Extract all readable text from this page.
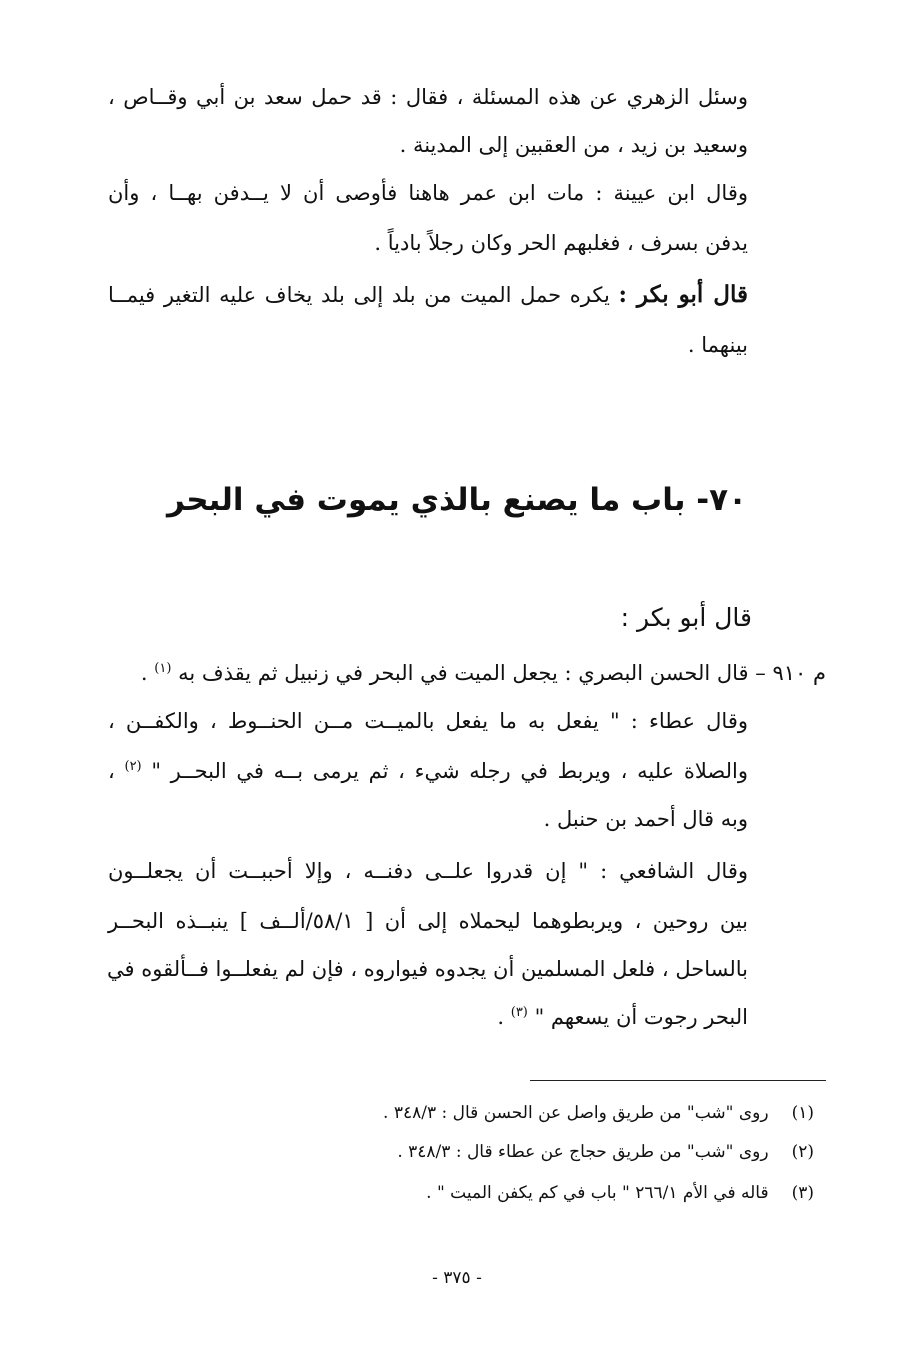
وسئل الزهري عن هذه المسئلة ، فقال : قد حمل سعد بن أبي وقــاص ،
وسعيد بن زيد ، من العقبين إلى المدينة .
وقال ابن عيينة : مات ابن عمر هاهنا فأوصى أن لا يــدفن بهــا ، وأن
يدفن بسرف ، فغلبهم الحر وكان رجلاً بادياً .
قال أبو بكر : يكره حمل الميت من بلد إلى بلد يخاف عليه التغير فيمــا
بينهما .
٧٠- باب ما يصنع بالذي يموت في البحر
قال أبو بكر :
م ٩١٠ – قال الحسن البصري : يجعل الميت في البحر في زنبيل ثم يقذف به $^{(١)}$ .
وقال عطاء : " يفعل به ما يفعل بالميــت مــن الحنــوط ، والكفــن ،
والصلاة عليه ، ويربط في رجله شيء ، ثم يرمى بــه في البحــر " $^{(٢)}$ ،
وبه قال أحمد بن حنبل .
وقال الشافعي : " إن قدروا علــى دفنــه ، وإلا أحببــت أن يجعلــون
بين روحين ، ويربطوهما ليحملاه إلى أن [ ٥٨/١/ألــف ] ينبــذه البحــر
بالساحل ، فلعل المسلمين أن يجدوه فيواروه ، فإن لم يفعلــوا فــألقوه في
البحر رجوت أن يسعهم " $^{(٣)}$ .
(١) روى "شب" من طريق واصل عن الحسن قال : ٣٤٨/٣ .
(٢) روى "شب" من طريق حجاج عن عطاء قال : ٣٤٨/٣ .
(٣) قاله في الأم ٢٦٦/١ " باب في كم يكفن الميت " .
- ٣٧٥ -
